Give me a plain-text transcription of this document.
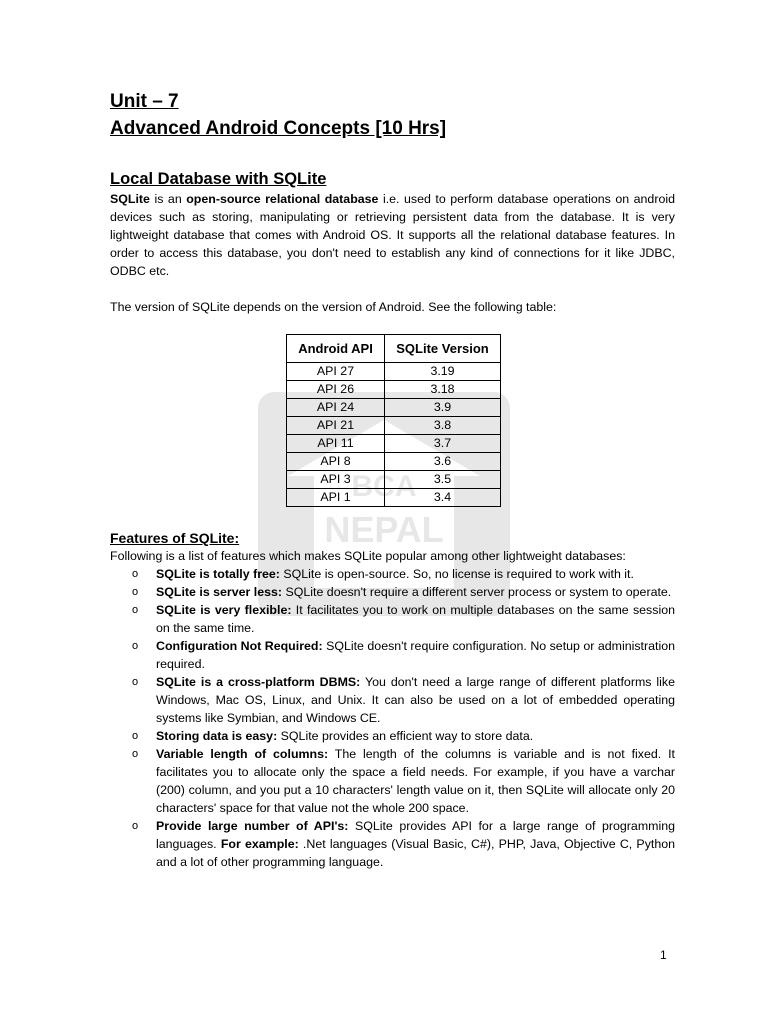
BCA
NEPAL
Unit – 7
Advanced Android Concepts [10 Hrs]
Local Database with SQLite

SQLite is an open-source relational database i.e. used to perform database operations on android devices such as storing, manipulating or retrieving persistent data from the database. It is very lightweight database that comes with Android OS. It supports all the relational database features. In order to access this database, you don't need to establish any kind of connections for it like JDBC, ODBC etc.

The version of SQLite depends on the version of Android. See the following table:

Android API	SQLite Version
API 27	3.19
API 26	3.18
API 24	3.9
API 21	3.8
API 11	3.7
API 8	3.6
API 3	3.5
API 1	3.4
Features of SQLite:

Following is a list of features which makes SQLite popular among other lightweight databases:

o SQLite is totally free: SQLite is open-source. So, no license is required to work with it.
o SQLite is server less: SQLite doesn't require a different server process or system to operate.
o SQLite is very flexible: It facilitates you to work on multiple databases on the same session on the same time.
o Configuration Not Required: SQLite doesn't require configuration. No setup or administration required.
o SQLite is a cross-platform DBMS: You don't need a large range of different platforms like Windows, Mac OS, Linux, and Unix. It can also be used on a lot of embedded operating systems like Symbian, and Windows CE.
o Storing data is easy: SQLite provides an efficient way to store data.
o Variable length of columns: The length of the columns is variable and is not fixed. It facilitates you to allocate only the space a field needs. For example, if you have a varchar (200) column, and you put a 10 characters' length value on it, then SQLite will allocate only 20 characters' space for that value not the whole 200 space.
o Provide large number of API's: SQLite provides API for a large range of programming languages. For example: .Net languages (Visual Basic, C#), PHP, Java, Objective C, Python and a lot of other programming language.
1
